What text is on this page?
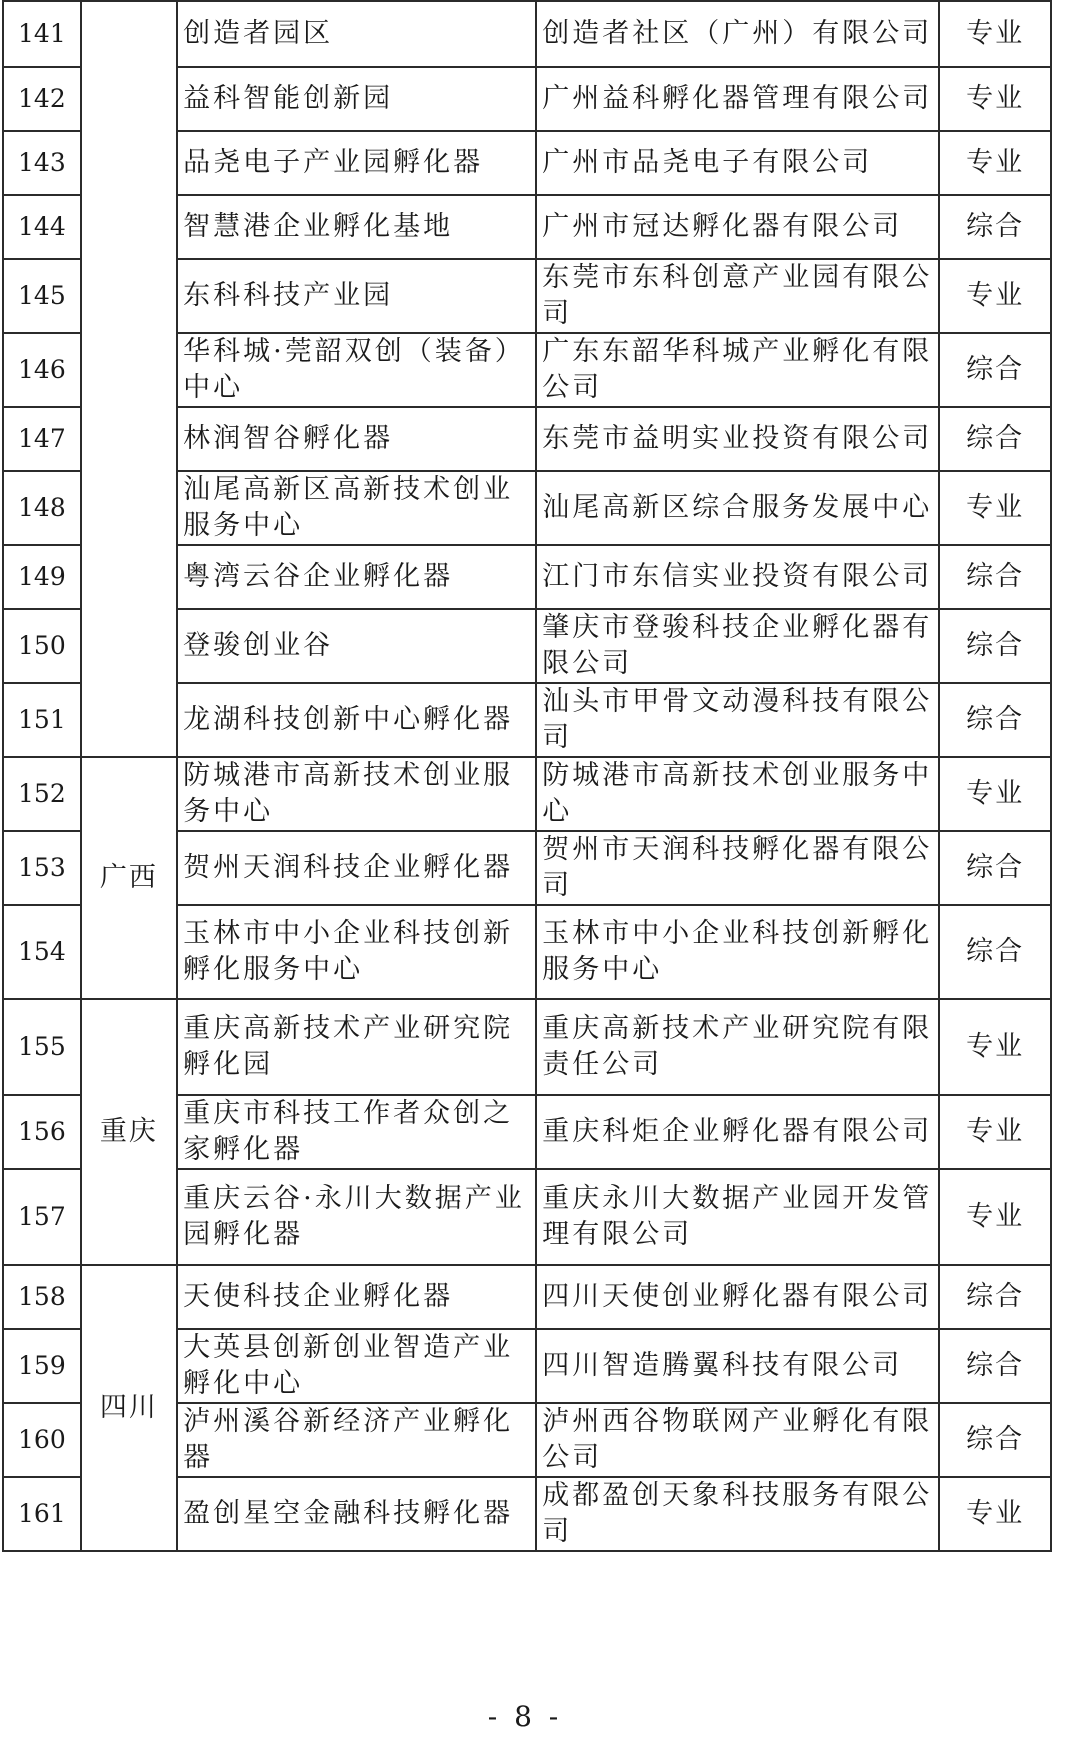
141		创造者园区	创造者社区（广州）有限公司	专业
142		益科智能创新园	广州益科孵化器管理有限公司	专业
143		品尧电子产业园孵化器	广州市品尧电子有限公司	专业
144		智慧港企业孵化基地	广州市冠达孵化器有限公司	综合
145		东科科技产业园	东莞市东科创意产业园有限公司	专业
146		华科城·莞韶双创（装备）中心	广东东韶华科城产业孵化有限公司	综合
147		林润智谷孵化器	东莞市益明实业投资有限公司	综合
148		汕尾高新区高新技术创业服务中心	汕尾高新区综合服务发展中心	专业
149		粤湾云谷企业孵化器	江门市东信实业投资有限公司	综合
150		登骏创业谷	肇庆市登骏科技企业孵化器有限公司	综合
151		龙湖科技创新中心孵化器	汕头市甲骨文动漫科技有限公司	综合
152	广西	防城港市高新技术创业服务中心	防城港市高新技术创业服务中心	专业
153		贺州天润科技企业孵化器	贺州市天润科技孵化器有限公司	综合
154		玉林市中小企业科技创新孵化服务中心	玉林市中小企业科技创新孵化服务中心	综合
155	重庆	重庆高新技术产业研究院孵化园	重庆高新技术产业研究院有限责任公司	专业
156		重庆市科技工作者众创之家孵化器	重庆科炬企业孵化器有限公司	专业
157		重庆云谷·永川大数据产业园孵化器	重庆永川大数据产业园开发管理有限公司	专业
158	四川	天使科技企业孵化器	四川天使创业孵化器有限公司	综合
159		大英县创新创业智造产业孵化中心	四川智造腾翼科技有限公司	综合
160		泸州溪谷新经济产业孵化器	泸州西谷物联网产业孵化有限公司	综合
161		盈创星空金融科技孵化器	成都盈创天象科技服务有限公司	专业
- 8 -
